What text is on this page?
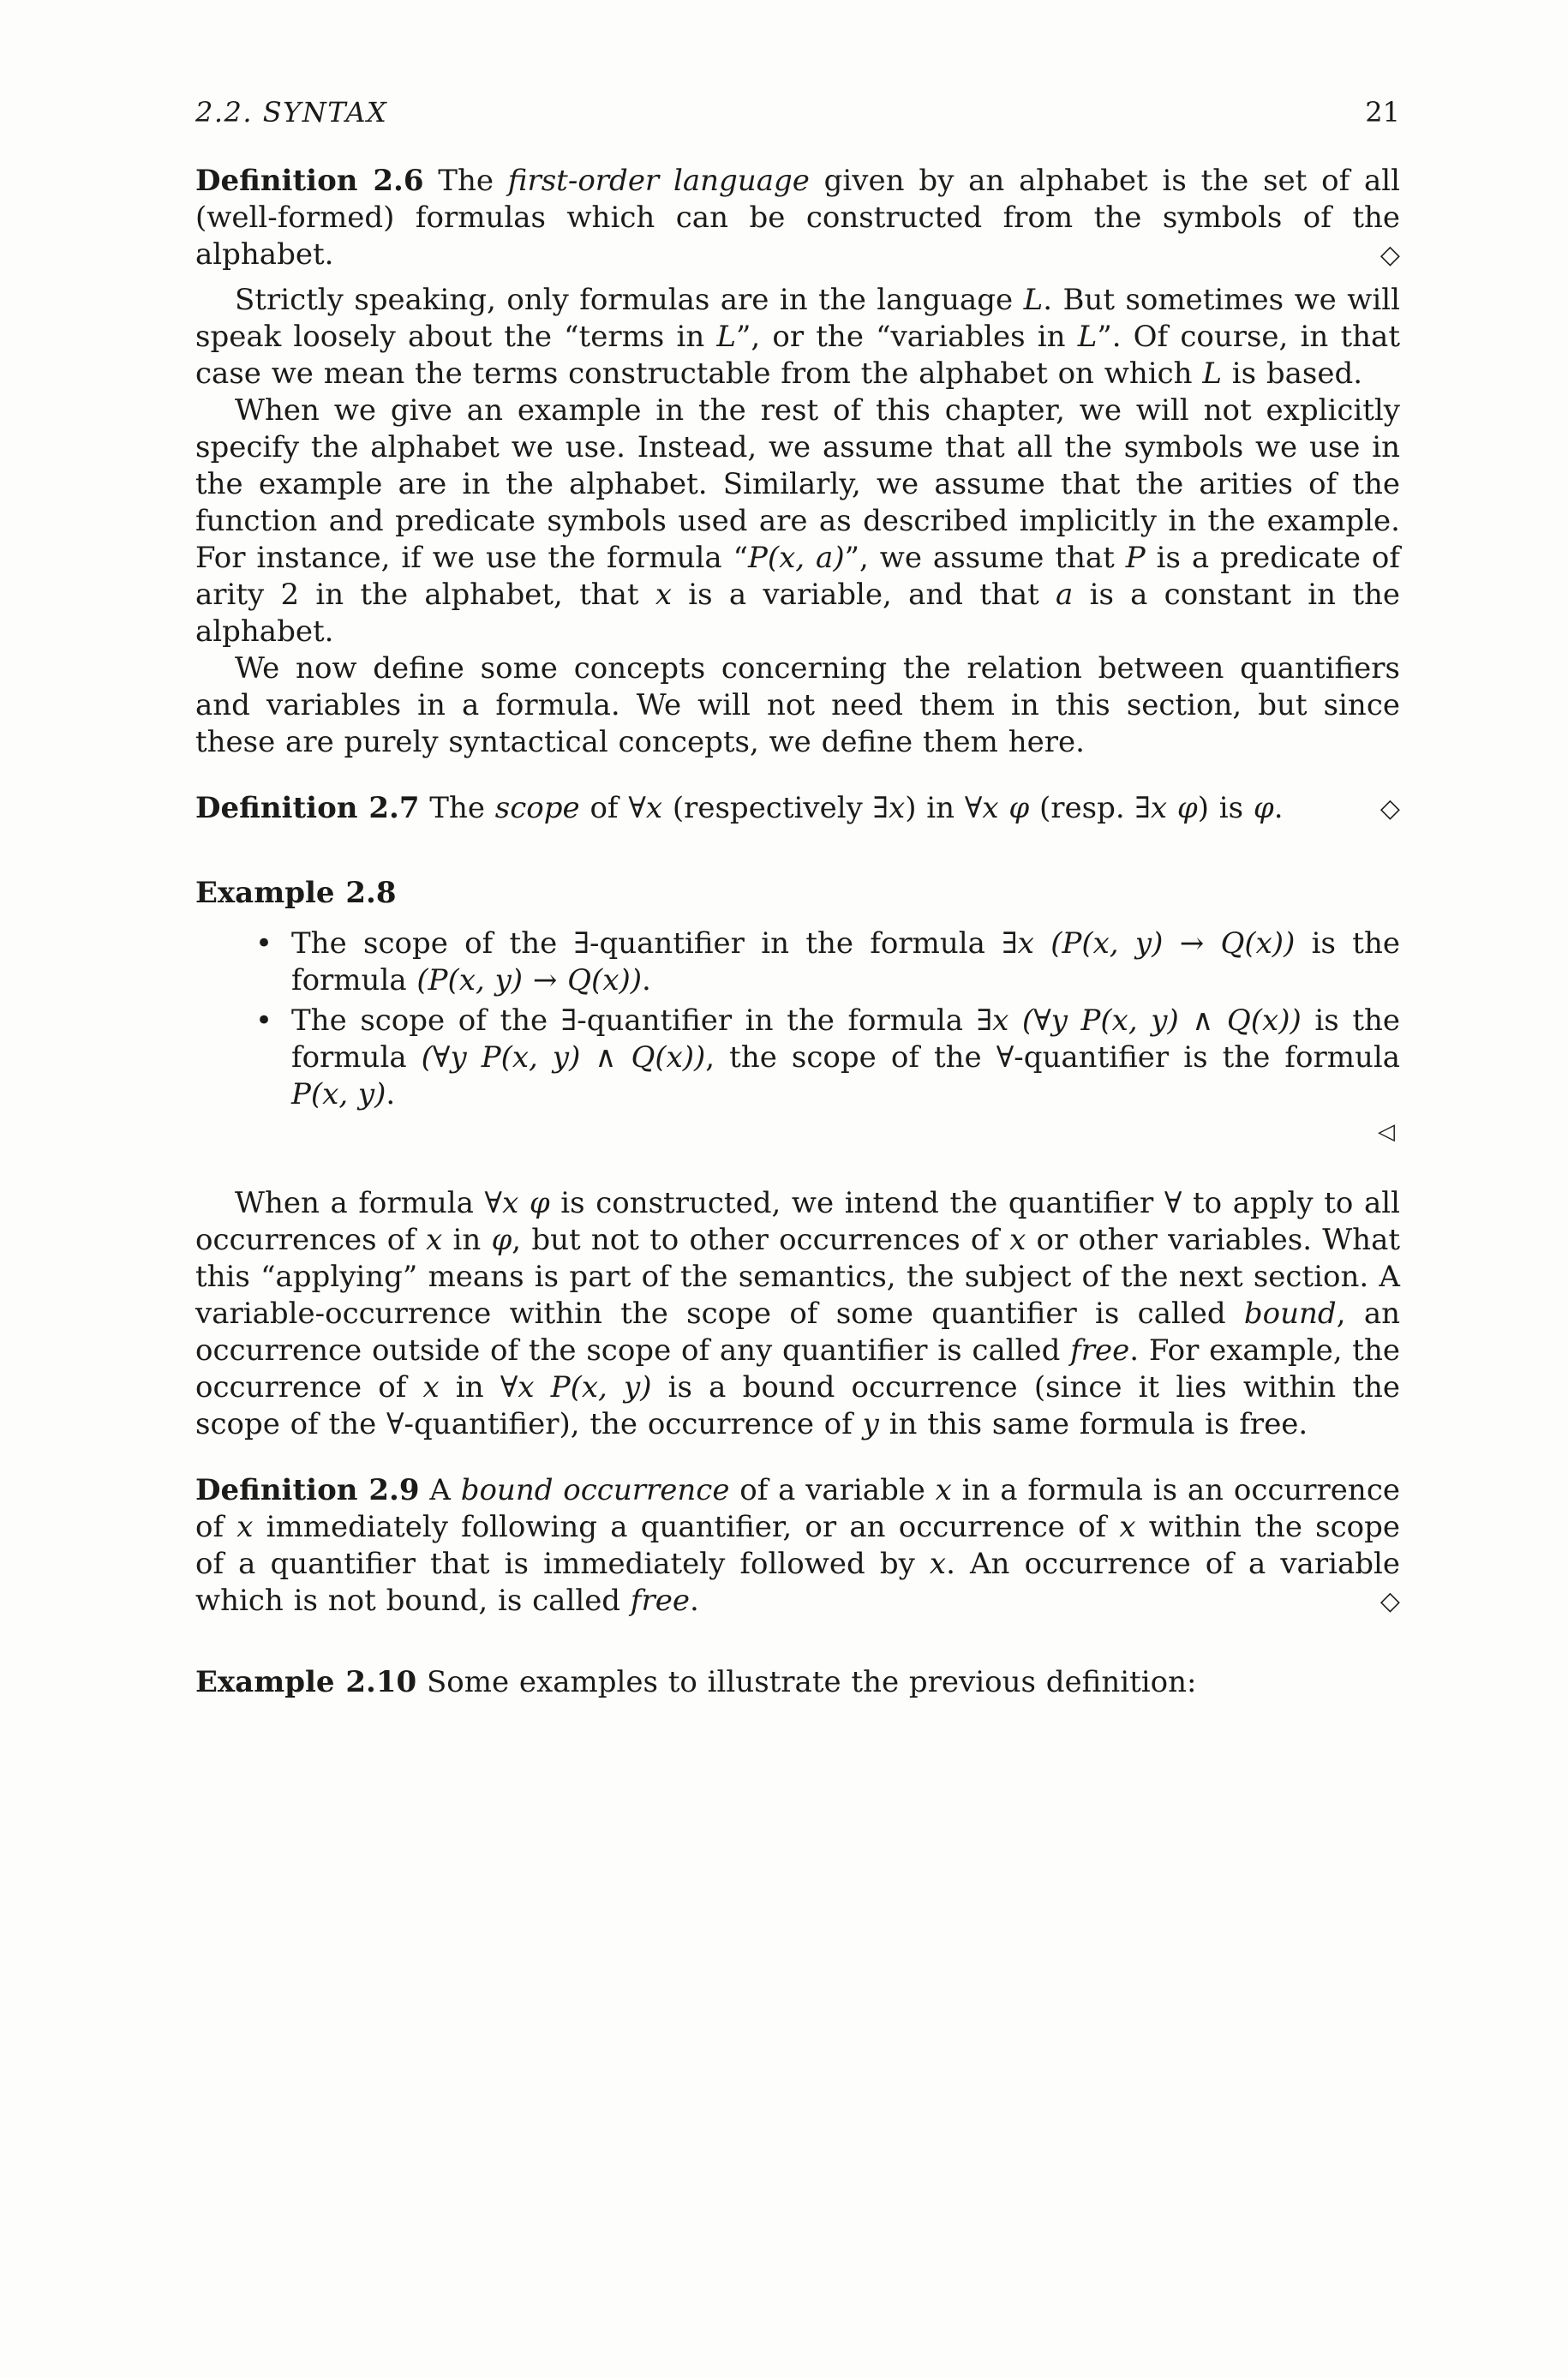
2.2. SYNTAX	21

Definition 2.6 The first-order language given by an alphabet is the set of all (well-formed) formulas which can be constructed from the symbols of the alphabet.	◇

Strictly speaking, only formulas are in the language L. But sometimes we will speak loosely about the “terms in L”, or the “variables in L”. Of course, in that case we mean the terms constructable from the alphabet on which L is based.

When we give an example in the rest of this chapter, we will not explicitly specify the alphabet we use. Instead, we assume that all the symbols we use in the example are in the alphabet. Similarly, we assume that the arities of the function and predicate symbols used are as described implicitly in the example. For instance, if we use the formula “P(x, a)”, we assume that P is a predicate of arity 2 in the alphabet, that x is a variable, and that a is a constant in the alphabet.

We now define some concepts concerning the relation between quantifiers and variables in a formula. We will not need them in this section, but since these are purely syntactical concepts, we define them here.

Definition 2.7 The scope of ∀x (respectively ∃x) in ∀x φ (resp. ∃x φ) is φ.	◇

Example 2.8

• The scope of the ∃-quantifier in the formula ∃x (P(x, y) → Q(x)) is the formula (P(x, y) → Q(x)).
• The scope of the ∃-quantifier in the formula ∃x (∀y P(x, y) ∧ Q(x)) is the formula (∀y P(x, y) ∧ Q(x)), the scope of the ∀-quantifier is the formula P(x, y).
◁

When a formula ∀x φ is constructed, we intend the quantifier ∀ to apply to all occurrences of x in φ, but not to other occurrences of x or other variables. What this “applying” means is part of the semantics, the subject of the next section. A variable-occurrence within the scope of some quantifier is called bound, an occurrence outside of the scope of any quantifier is called free. For example, the occurrence of x in ∀x P(x, y) is a bound occurrence (since it lies within the scope of the ∀-quantifier), the occurrence of y in this same formula is free.

Definition 2.9 A bound occurrence of a variable x in a formula is an occurrence of x immediately following a quantifier, or an occurrence of x within the scope of a quantifier that is immediately followed by x. An occurrence of a variable which is not bound, is called free.	◇

Example 2.10 Some examples to illustrate the previous definition:
